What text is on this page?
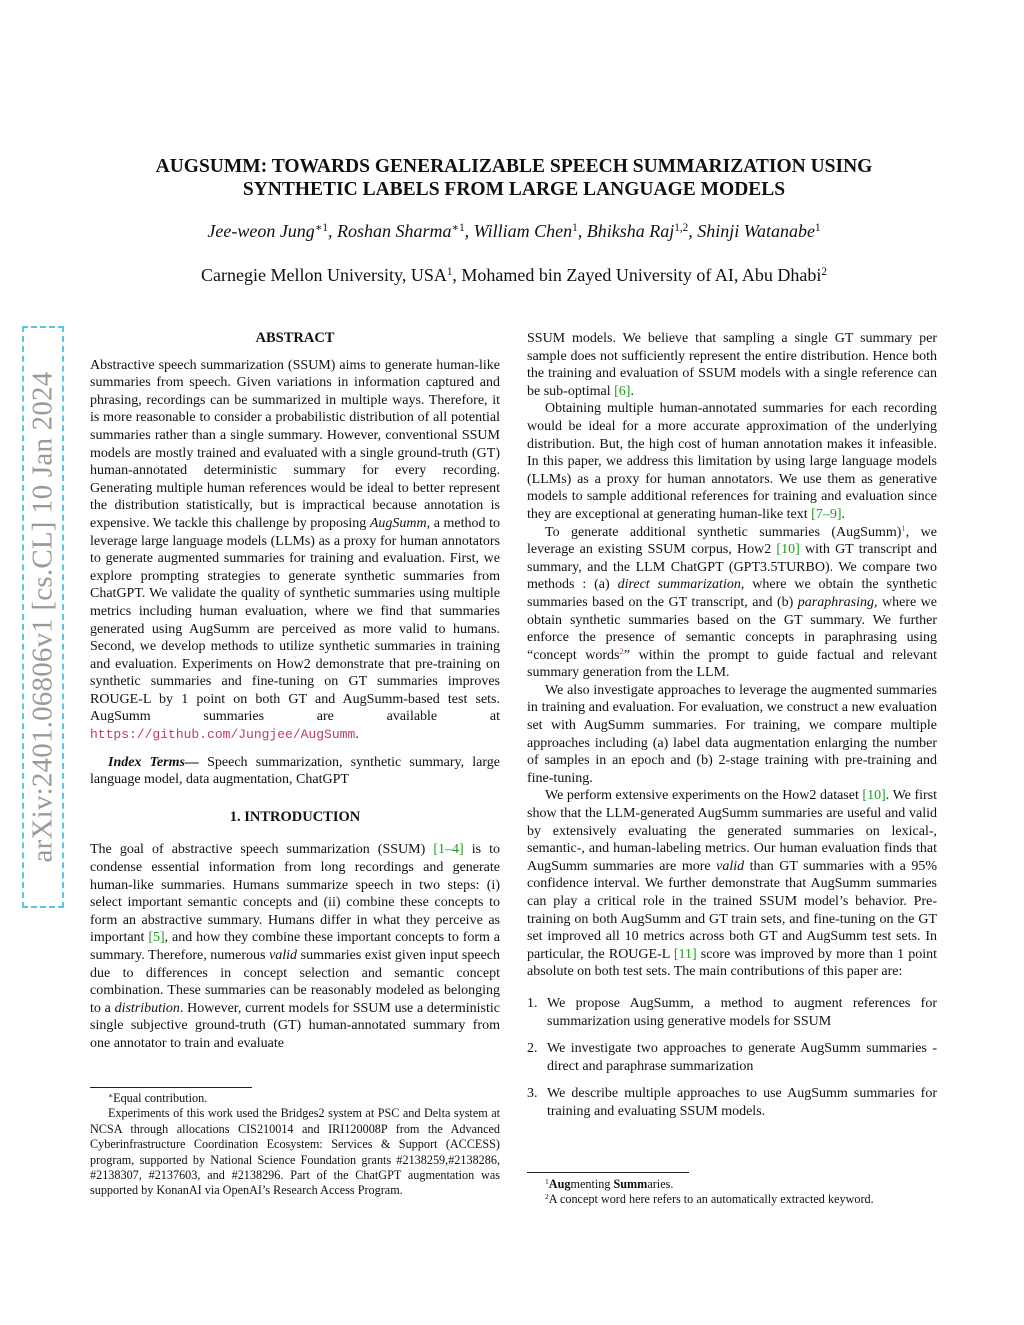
arXiv:2401.06806v1 [cs.CL] 10 Jan 2024
AUGSUMM: TOWARDS GENERALIZABLE SPEECH SUMMARIZATION USING SYNTHETIC LABELS FROM LARGE LANGUAGE MODELS
Jee-weon Jung$^{∗1}$, Roshan Sharma$^{∗1}$, William Chen$^1$, Bhiksha Raj$^{1,2}$, Shinji Watanabe$^1$
Carnegie Mellon University, USA$^1$, Mohamed bin Zayed University of AI, Abu Dhabi$^2$
ABSTRACT

Abstractive speech summarization (SSUM) aims to generate human-like summaries from speech. Given variations in information captured and phrasing, recordings can be summarized in multiple ways. Therefore, it is more reasonable to consider a probabilistic distribution of all potential summaries rather than a single summary. However, conventional SSUM models are mostly trained and evaluated with a single ground-truth (GT) human-annotated deterministic summary for every recording. Generating multiple human references would be ideal to better represent the distribution statistically, but is impractical because annotation is expensive. We tackle this challenge by proposing AugSumm, a method to leverage large language models (LLMs) as a proxy for human annotators to generate augmented summaries for training and evaluation. First, we explore prompting strategies to generate synthetic summaries from ChatGPT. We validate the quality of synthetic summaries using multiple metrics including human evaluation, where we find that summaries generated using AugSumm are perceived as more valid to humans. Second, we develop methods to utilize synthetic summaries in training and evaluation. Experiments on How2 demonstrate that pre-training on synthetic summaries and fine-tuning on GT summaries improves ROUGE-L by 1 point on both GT and AugSumm-based test sets. AugSumm summaries are available at https://github.com/Jungjee/AugSumm.

Index Terms— Speech summarization, synthetic summary, large language model, data augmentation, ChatGPT

1. INTRODUCTION

The goal of abstractive speech summarization (SSUM) [1–4] is to condense essential information from long recordings and generate human-like summaries. Humans summarize speech in two steps: (i) select important semantic concepts and (ii) combine these concepts to form an abstractive summary. Humans differ in what they perceive as important [5], and how they combine these important concepts to form a summary. Therefore, numerous valid summaries exist given input speech due to differences in concept selection and semantic concept combination. These summaries can be reasonably modeled as belonging to a distribution. However, current models for SSUM use a deterministic single subjective ground-truth (GT) human-annotated summary from one annotator to train and evaluate

∗Equal contribution.

Experiments of this work used the Bridges2 system at PSC and Delta system at NCSA through allocations CIS210014 and IRI120008P from the Advanced Cyberinfrastructure Coordination Ecosystem: Services & Support (ACCESS) program, supported by National Science Foundation grants #2138259,#2138286, #2138307, #2137603, and #2138296. Part of the ChatGPT augmentation was supported by KonanAI via OpenAI’s Research Access Program.

SSUM models. We believe that sampling a single GT summary per sample does not sufficiently represent the entire distribution. Hence both the training and evaluation of SSUM models with a single reference can be sub-optimal [6].

Obtaining multiple human-annotated summaries for each recording would be ideal for a more accurate approximation of the underlying distribution. But, the high cost of human annotation makes it infeasible. In this paper, we address this limitation by using large language models (LLMs) as a proxy for human annotators. We use them as generative models to sample additional references for training and evaluation since they are exceptional at generating human-like text [7–9].

To generate additional synthetic summaries (AugSumm)$^1$, we leverage an existing SSUM corpus, How2 [10] with GT transcript and summary, and the LLM ChatGPT (GPT3.5TURBO). We compare two methods : (a) direct summarization, where we obtain the synthetic summaries based on the GT transcript, and (b) paraphrasing, where we obtain synthetic summaries based on the GT summary. We further enforce the presence of semantic concepts in paraphrasing using “concept words$^2$” within the prompt to guide factual and relevant summary generation from the LLM.

We also investigate approaches to leverage the augmented summaries in training and evaluation. For evaluation, we construct a new evaluation set with AugSumm summaries. For training, we compare multiple approaches including (a) label data augmentation enlarging the number of samples in an epoch and (b) 2-stage training with pre-training and fine-tuning.

We perform extensive experiments on the How2 dataset [10]. We first show that the LLM-generated AugSumm summaries are useful and valid by extensively evaluating the generated summaries on lexical-, semantic-, and human-labeling metrics. Our human evaluation finds that AugSumm summaries are more valid than GT summaries with a 95% confidence interval. We further demonstrate that AugSumm summaries can play a critical role in the trained SSUM model’s behavior. Pre-training on both AugSumm and GT train sets, and fine-tuning on the GT set improved all 10 metrics across both GT and AugSumm test sets. In particular, the ROUGE-L [11] score was improved by more than 1 point absolute on both test sets. The main contributions of this paper are:

1. We propose AugSumm, a method to augment references for summarization using generative models for SSUM
2. We investigate two approaches to generate AugSumm summaries - direct and paraphrase summarization
3. We describe multiple approaches to use AugSumm summaries for training and evaluating SSUM models.

$^1$Augmenting Summaries.

$^2$A concept word here refers to an automatically extracted keyword.
